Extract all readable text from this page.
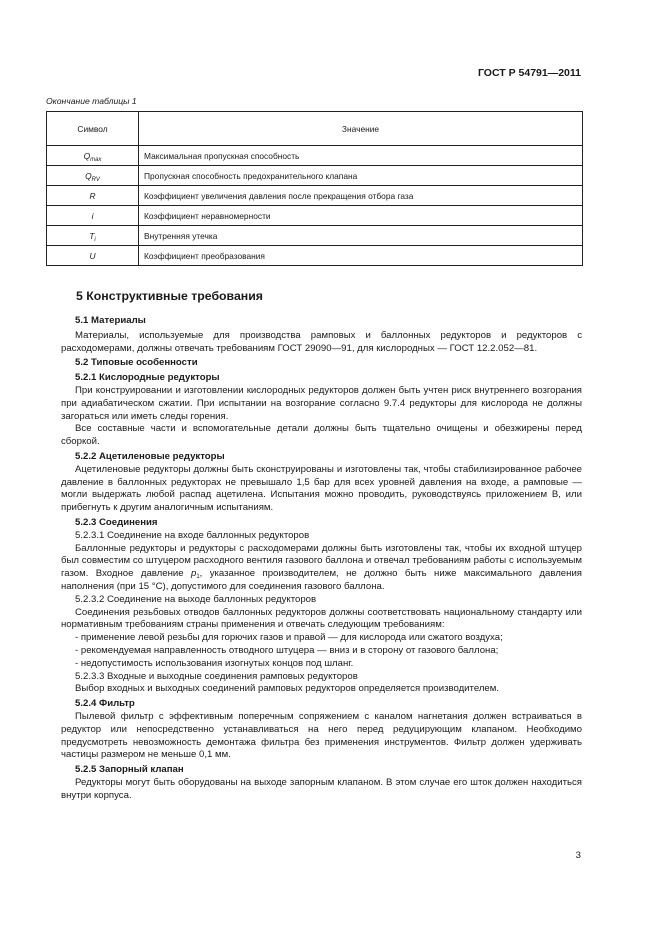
ГОСТ Р 54791—2011
Окончание таблицы 1
Символ	Значение
$Q_{max}$	Максимальная пропускная способность
$Q_{RV}$	Пропускная способность предохранительного клапана
R	Коэффициент увеличения давления после прекращения отбора газа
i	Коэффициент неравномерности
$T_i$	Внутренняя утечка
U	Коэффициент преобразования
5 Конструктивные требования

5.1 Материалы

Материалы, используемые для производства рамповых и баллонных редукторов и редукторов с расходомерами, должны отвечать требованиям ГОСТ 29090—91, для кислородных — ГОСТ 12.2.052—81.

5.2 Типовые особенности

5.2.1 Кислородные редукторы

При конструировании и изготовлении кислородных редукторов должен быть учтен риск внутреннего возгорания при адиабатическом сжатии. При испытании на возгорание согласно 9.7.4 редукторы для кислорода не должны загораться или иметь следы горения.

Все составные части и вспомогательные детали должны быть тщательно очищены и обезжирены перед сборкой.

5.2.2 Ацетиленовые редукторы

Ацетиленовые редукторы должны быть сконструированы и изготовлены так, чтобы стабилизированное рабочее давление в баллонных редукторах не превышало 1,5 бар для всех уровней давления на входе, а рамповые — могли выдержать любой распад ацетилена. Испытания можно проводить, руководствуясь приложением В, или прибегнуть к другим аналогичным испытаниям.

5.2.3 Соединения

5.2.3.1 Соединение на входе баллонных редукторов

Баллонные редукторы и редукторы с расходомерами должны быть изготовлены так, чтобы их входной штуцер был совместим со штуцером расходного вентиля газового баллона и отвечал требованиям работы с используемым газом. Входное давление $p_1$, указанное производителем, не должно быть ниже максимального давления наполнения (при 15 °С), допустимого для соединения газового баллона.

5.2.3.2 Соединение на выходе баллонных редукторов

Соединения резьбовых отводов баллонных редукторов должны соответствовать национальному стандарту или нормативным требованиям страны применения и отвечать следующим требованиям:

- применение левой резьбы для горючих газов и правой — для кислорода или сжатого воздуха;

- рекомендуемая направленность отводного штуцера — вниз и в сторону от газового баллона;

- недопустимость использования изогнутых концов под шланг.

5.2.3.3 Входные и выходные соединения рамповых редукторов

Выбор входных и выходных соединений рамповых редукторов определяется производителем.

5.2.4 Фильтр

Пылевой фильтр с эффективным поперечным сопряжением с каналом нагнетания должен встраиваться в редуктор или непосредственно устанавливаться на него перед редуцирующим клапаном. Необходимо предусмотреть невозможность демонтажа фильтра без применения инструментов. Фильтр должен удерживать частицы размером не меньше 0,1 мм.

5.2.5 Запорный клапан

Редукторы могут быть оборудованы на выходе запорным клапаном. В этом случае его шток должен находиться внутри корпуса.

3
